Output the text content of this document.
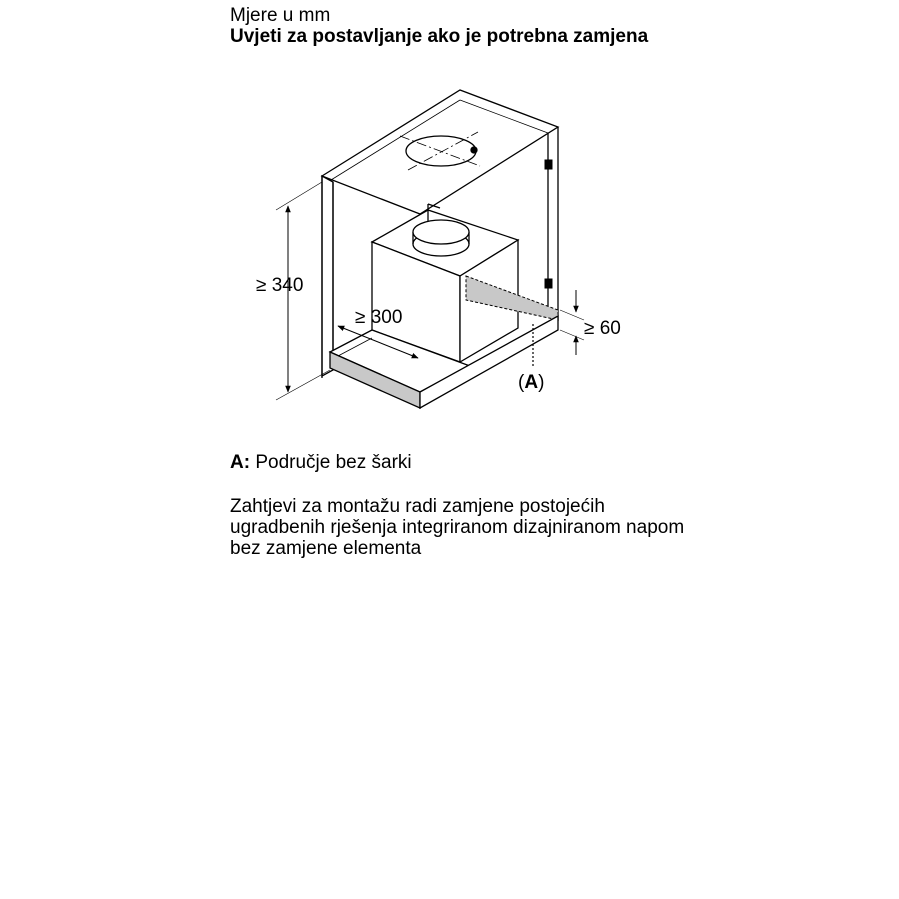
≥ 340
≥ 300
≥ 60
(A)
Mjere u mm
Uvjeti za postavljanje ako je potrebna zamjena
A: Područje bez šarki
Zahtjevi za montažu radi zamjene postojećih ugradbenih rješenja integriranom dizajniranom napom bez zamjene elementa
